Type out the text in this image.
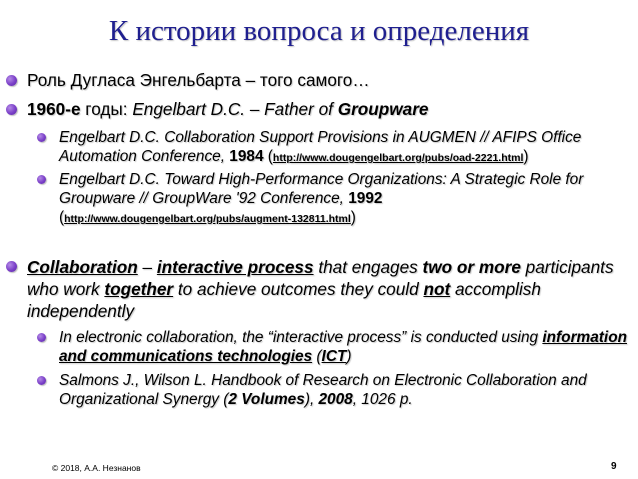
К истории вопроса и определения
Роль Дугласа Энгельбарта – того самого…
1960-е годы: Engelbart D.C. – Father of Groupware
Engelbart D.C. Collaboration Support Provisions in AUGMEN // AFIPS Office Automation Conference, 1984 (http://www.dougengelbart.org/pubs/oad-2221.html)
Engelbart D.C. Toward High-Performance Organizations: A Strategic Role for Groupware // GroupWare '92 Conference, 1992
(http://www.dougengelbart.org/pubs/augment-132811.html)
Collaboration – interactive process that engages two or more participants who work together to achieve outcomes they could not accomplish independently
In electronic collaboration, the “interactive process” is conducted using information and communications technologies (ICT)
Salmons J., Wilson L. Handbook of Research on Electronic Collaboration and Organizational Synergy (2 Volumes), 2008, 1026 p.
© 2018, А.А. Незнанов	9
